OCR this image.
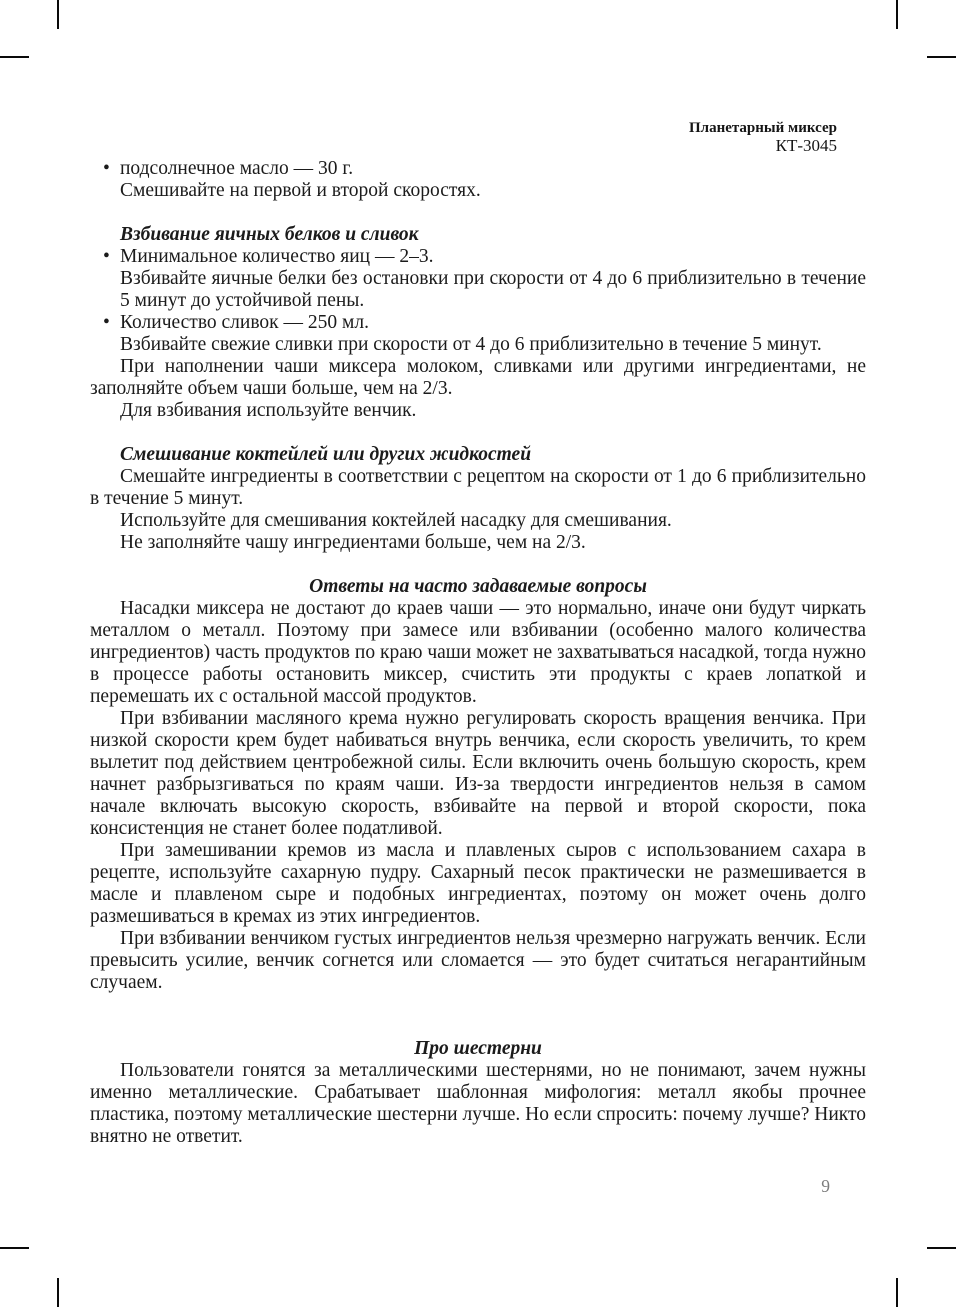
Планетарный миксер
КТ-3045
• подсолнечное масло — 30 г.
Смешивайте на первой и второй скоростях.
Взбивание яичных белков и сливок
• Минимальное количество яиц — 2–3.
Взбивайте яичные белки без остановки при скорости от 4 до 6 приблизительно в течение 5 минут до устойчивой пены.
• Количество сливок — 250 мл.
Взбивайте свежие сливки при скорости от 4 до 6 приблизительно в течение 5 минут.

При наполнении чаши миксера молоком, сливками или другими ингредиентами, не заполняйте объем чаши больше, чем на 2/3.

Для взбивания используйте венчик.

Смешивание коктейлей или других жидкостей

Смешайте ингредиенты в соответствии с рецептом на скорости от 1 до 6 приблизительно в течение 5 минут.

Используйте для смешивания коктейлей насадку для смешивания.

Не заполняйте чашу ингредиентами больше, чем на 2/3.

Ответы на часто задаваемые вопросы

Насадки миксера не достают до краев чаши — это нормально, иначе они будут чиркать металлом о металл. Поэтому при замесе или взбивании (особенно малого количества ингредиентов) часть продуктов по краю чаши может не захватываться насадкой, тогда нужно в процессе работы остановить миксер, счистить эти продукты с краев лопаткой и перемешать их с остальной массой продуктов.

При взбивании масляного крема нужно регулировать скорость вращения венчика. При низкой скорости крем будет набиваться внутрь венчика, если скорость увеличить, то крем вылетит под действием центробежной силы. Если включить очень большую скорость, крем начнет разбрызгиваться по краям чаши. Из-за твердости ингредиентов нельзя в самом начале включать высокую скорость, взбивайте на первой и второй скорости, пока консистенция не станет более податливой.

При замешивании кремов из масла и плавленых сыров с использованием сахара в рецепте, используйте сахарную пудру. Сахарный песок практически не размешивается в масле и плавленом сыре и подобных ингредиентах, поэтому он может очень долго размешиваться в кремах из этих ингредиентов.

При взбивании венчиком густых ингредиентов нельзя чрезмерно нагружать венчик. Если превысить усилие, венчик согнется или сломается — это будет считаться негарантийным случаем.

Про шестерни

Пользователи гонятся за металлическими шестернями, но не понимают, зачем нужны именно металлические. Срабатывает шаблонная мифология: металл якобы прочнее пластика, поэтому металлические шестерни лучше. Но если спросить: почему лучше? Никто внятно не ответит.

9
